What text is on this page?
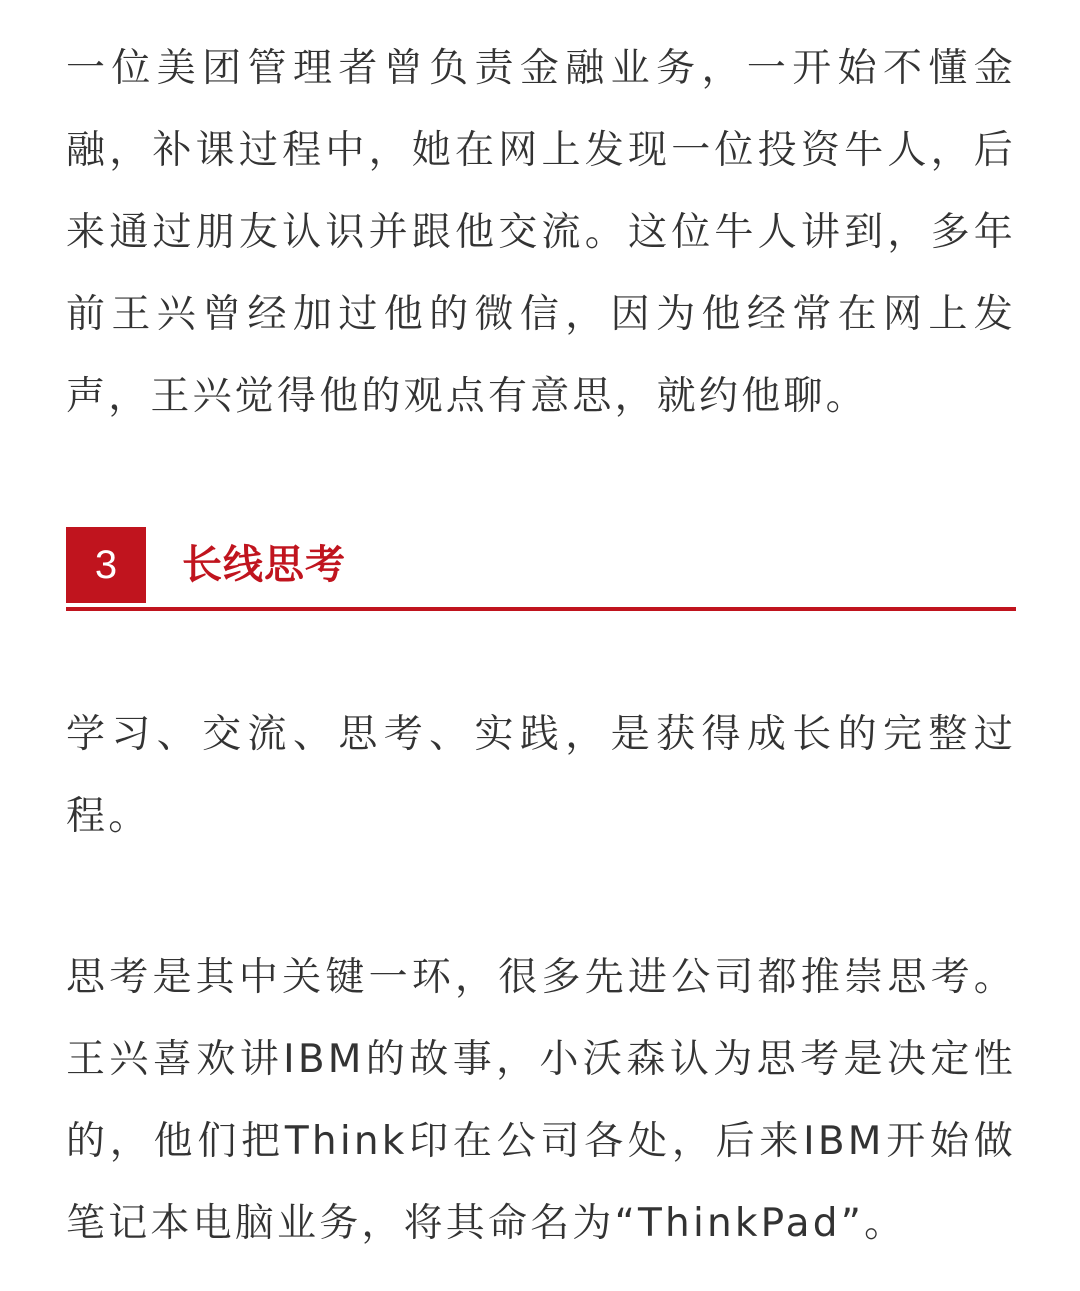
一位美团管理者曾负责金融业务，一开始不懂金融，补课过程中，她在网上发现一位投资牛人，后来通过朋友认识并跟他交流。这位牛人讲到，多年前王兴曾经加过他的微信，因为他经常在网上发声，王兴觉得他的观点有意思，就约他聊。

3	长线思考

学习、交流、思考、实践，是获得成长的完整过程。

思考是其中关键一环，很多先进公司都推崇思考。王兴喜欢讲IBM的故事，小沃森认为思考是决定性的，他们把Think印在公司各处，后来IBM开始做笔记本电脑业务，将其命名为“ThinkPad”。
